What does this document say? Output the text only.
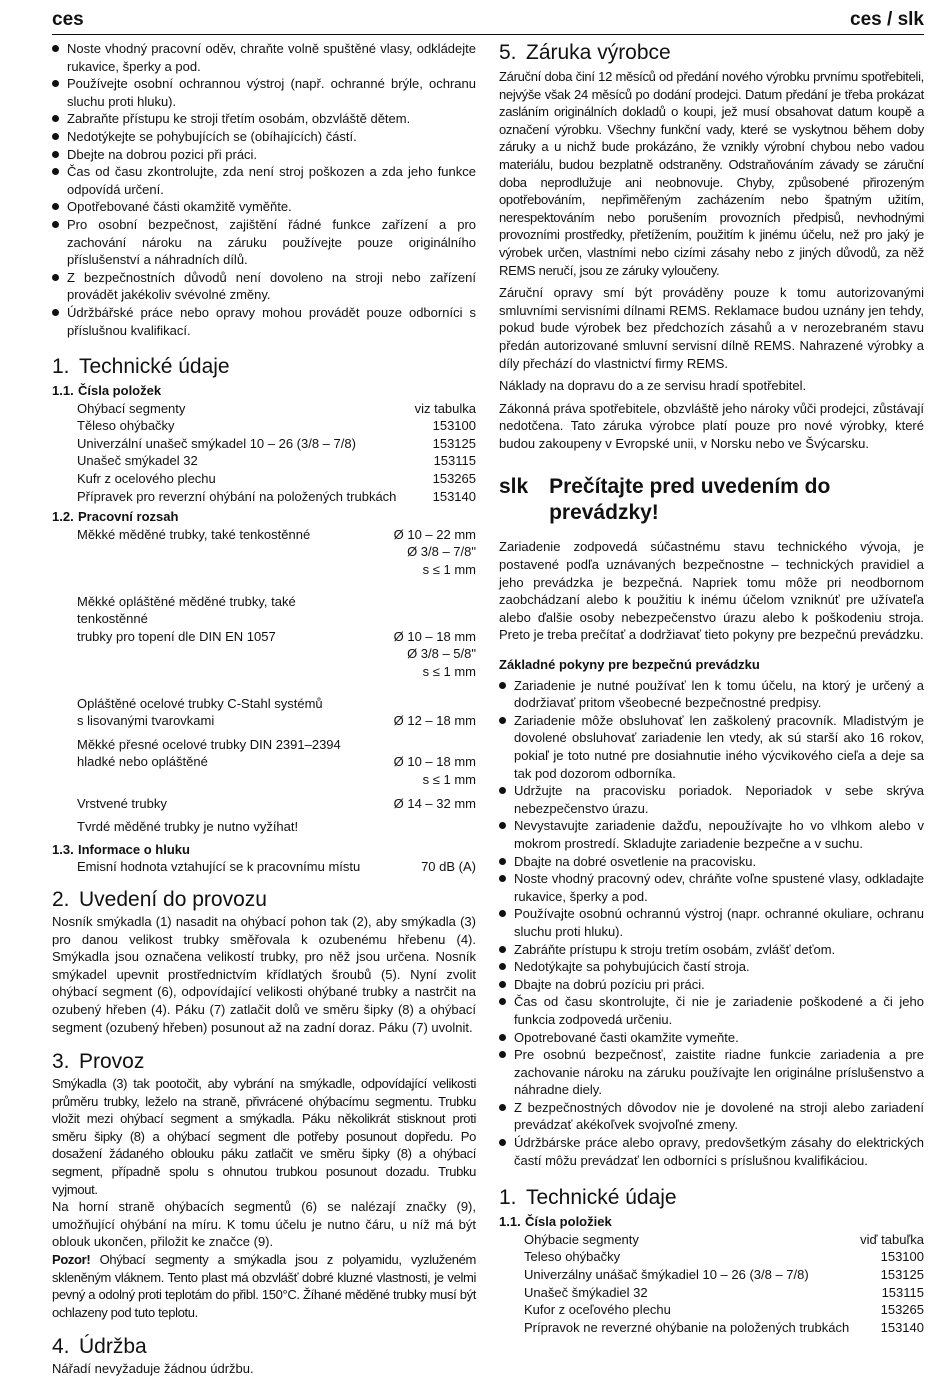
ces	ces / slk
Noste vhodný pracovní oděv, chraňte volně spuštěné vlasy, odkládejte rukavice, šperky a pod.
Používejte osobní ochrannou výstroj (např. ochranné brýle, ochranu sluchu proti hluku).
Zabraňte přístupu ke stroji třetím osobám, obzvláště dětem.
Nedotýkejte se pohybujících se (obíhajících) částí.
Dbejte na dobrou pozici při práci.
Čas od času zkontrolujte, zda není stroj poškozen a zda jeho funkce odpovídá určení.
Opotřebované části okamžitě vyměňte.
Pro osobní bezpečnost, zajištění řádné funkce zařízení a pro zachování nároku na záruku používejte pouze originálního příslušenství a náhradních dílů.
Z bezpečnostních důvodů není dovoleno na stroji nebo zařízení provádět jakékoliv svévolné změny.
Údržbářské práce nebo opravy mohou provádět pouze odborníci s příslušnou kvalifikací.
1. Technické údaje
1.1. Čísla položek
Ohýbací segmenty	viz tabulka
Těleso ohýbačky	153100
Univerzální unašeč smýkadel 10 – 26 (3/8 – 7/8)	153125
Unašeč smýkadel 32	153115
Kufr z ocelového plechu	153265
Přípravek pro reverzní ohýbání na položených trubkách	153140
1.2. Pracovní rozsah
Měkké měděné trubky, také tenkostěnné	Ø 10 – 22 mm
Ø 3/8 – 7/8"
s ≤ 1 mm
Měkké opláštěné měděné trubky, také tenkostěnné
trubky pro topení dle DIN EN 1057	Ø 10 – 18 mm
Ø 3/8 – 5/8"
s ≤ 1 mm
Opláštěné ocelové trubky C-Stahl systémů
s lisovanými tvarovkami	Ø 12 – 18 mm
Měkké přesné ocelové trubky DIN 2391–2394
hladké nebo opláštěné	Ø 10 – 18 mm
s ≤ 1 mm
Vrstvené trubky	Ø 14 – 32 mm
Tvrdé měděné trubky je nutno vyžíhat!
1.3. Informace o hluku
Emisní hodnota vztahující se k pracovnímu místu	70 dB (A)
2. Uvedení do provozu

Nosník smýkadla (1) nasadit na ohýbací pohon tak (2), aby smýkadla (3) pro danou velikost trubky směřovala k ozubenému hřebenu (4). Smýkadla jsou označena velikostí trubky, pro něž jsou určena. Nosník smýkadel upevnit prostřednictvím křídlatých šroubů (5). Nyní zvolit ohýbací segment (6), odpovídající velikosti ohýbané trubky a nastrčit na ozubený hřeben (4). Páku (7) zatlačit dolů ve směru šipky (8) a ohýbací segment (ozubený hřeben) posunout až na zadní doraz. Páku (7) uvolnit.

3. Provoz

Smýkadla (3) tak pootočit, aby vybrání na smýkadle, odpovídající velikosti průměru trubky, leželo na straně, přivrácené ohýbacímu segmentu. Trubku vložit mezi ohýbací segment a smýkadla. Páku několikrát stisknout proti směru šipky (8) a ohýbací segment dle potřeby posunout dopředu. Po dosažení žádaného oblouku páku zatlačit ve směru šipky (8) a ohýbací segment, případně spolu s ohnutou trubkou posunout dozadu. Trubku vyjmout.

Na horní straně ohýbacích segmentů (6) se nalézají značky (9), umožňující ohýbání na míru. K tomu účelu je nutno čáru, u níž má být oblouk ukončen, přiložit ke značce (9).

Pozor! Ohýbací segmenty a smýkadla jsou z polyamidu, vyzluženém skleněným vláknem. Tento plast má obzvlášť dobré kluzné vlastnosti, je velmi pevný a odolný proti teplotám do přibl. 150°C. Žíhané měděné trubky musí být ochlazeny pod tuto teplotu.

4. Údržba

Nářadí nevyžaduje žádnou údržbu.

5. Záruka výrobce

Záruční doba činí 12 měsíců od předání nového výrobku prvnímu spotřebiteli, nejvýše však 24 měsíců po dodání prodejci. Datum předání je třeba prokázat zasláním originálních dokladů o koupi, jež musí obsahovat datum koupě a označení výrobku. Všechny funkční vady, které se vyskytnou během doby záruky a u nichž bude prokázáno, že vznikly výrobní chybou nebo vadou materiálu, budou bezplatně odstraněny. Odstraňováním závady se záruční doba neprodlužuje ani neobnovuje. Chyby, způsobené přirozeným opotřebováním, nepřiměřeným zacházením nebo špatným užitím, nerespektováním nebo porušením provozních předpisů, nevhodnými provozními prostředky, přetížením, použitím k jinému účelu, než pro jaký je výrobek určen, vlastními nebo cizími zásahy nebo z jiných důvodů, za něž REMS neručí, jsou ze záruky vyloučeny.

Záruční opravy smí být prováděny pouze k tomu autorizovanými smluvními servisními dílnami REMS. Reklamace budou uznány jen tehdy, pokud bude výrobek bez předchozích zásahů a v nerozebraném stavu předán autorizované smluvní servisní dílně REMS. Nahrazené výrobky a díly přechází do vlastnictví firmy REMS.

Náklady na dopravu do a ze servisu hradí spotřebitel.

Zákonná práva spotřebitele, obzvláště jeho nároky vůči prodejci, zůstávají nedotčena. Tato záruka výrobce platí pouze pro nové výrobky, které budou zakoupeny v Evropské unii, v Norsku nebo ve Švýcarsku.

slk Prečítajte pred uvedením do prevádzky!

Zariadenie zodpovedá súčastnému stavu technického vývoja, je postavené podľa uznávaných bezpečnostne – technických pravidiel a jeho prevádzka je bezpečná. Napriek tomu môže pri neodbornom zaobchádzaní alebo k použitiu k inému účelom vzniknúť pre užívateľa alebo ďalšie osoby nebezpečenstvo úrazu alebo k poškodeniu stroja. Preto je treba prečítať a dodržiavať tieto pokyny pre bezpečnú prevádzku.

Základné pokyny pre bezpečnú prevádzku

Zariadenie je nutné používať len k tomu účelu, na ktorý je určený a dodržiavať pritom všeobecné bezpečnostné predpisy.
Zariadenie môže obsluhovať len zaškolený pracovník. Mladistvým je dovolené obsluhovať zariadenie len vtedy, ak sú starší ako 16 rokov, pokiaľ je toto nutné pre dosiahnutie iného výcvikového cieľa a deje sa tak pod dozorom odborníka.
Udržujte na pracovisku poriadok. Neporiadok v sebe skrýva nebezpečenstvo úrazu.
Nevystavujte zariadenie dažďu, nepoužívajte ho vo vlhkom alebo v mokrom prostredí. Skladujte zariadenie bezpečne a v suchu.
Dbajte na dobré osvetlenie na pracovisku.
Noste vhodný pracovný odev, chráňte voľne spustené vlasy, odkladajte rukavice, šperky a pod.
Používajte osobnú ochrannú výstroj (napr. ochranné okuliare, ochranu sluchu proti hluku).
Zabráňte prístupu k stroju tretím osobám, zvlášť deťom.
Nedotýkajte sa pohybujúcich častí stroja.
Dbajte na dobrú pozíciu pri práci.
Čas od času skontrolujte, či nie je zariadenie poškodené a či jeho funkcia zodpovedá určeniu.
Opotrebované časti okamžite vymeňte.
Pre osobnú bezpečnosť, zaistite riadne funkcie zariadenia a pre zachovanie nároku na záruku používajte len originálne príslušenstvo a náhradne diely.
Z bezpečnostných dôvodov nie je dovolené na stroji alebo zariadení prevádzať akékoľvek svojvoľné zmeny.
Údržbárske práce alebo opravy, predovšetkým zásahy do elektrických častí môžu prevádzať len odborníci s príslušnou kvalifikáciou.
1. Technické údaje
1.1. Čísla položiek
Ohýbacie segmenty	viď tabuľka
Teleso ohýbačky	153100
Univerzálny unášač šmýkadiel 10 – 26 (3/8 – 7/8)	153125
Unašeč šmýkadiel 32	153115
Kufor z oceľového plechu	153265
Prípravok ne reverzné ohýbanie na položených trubkách 153140
